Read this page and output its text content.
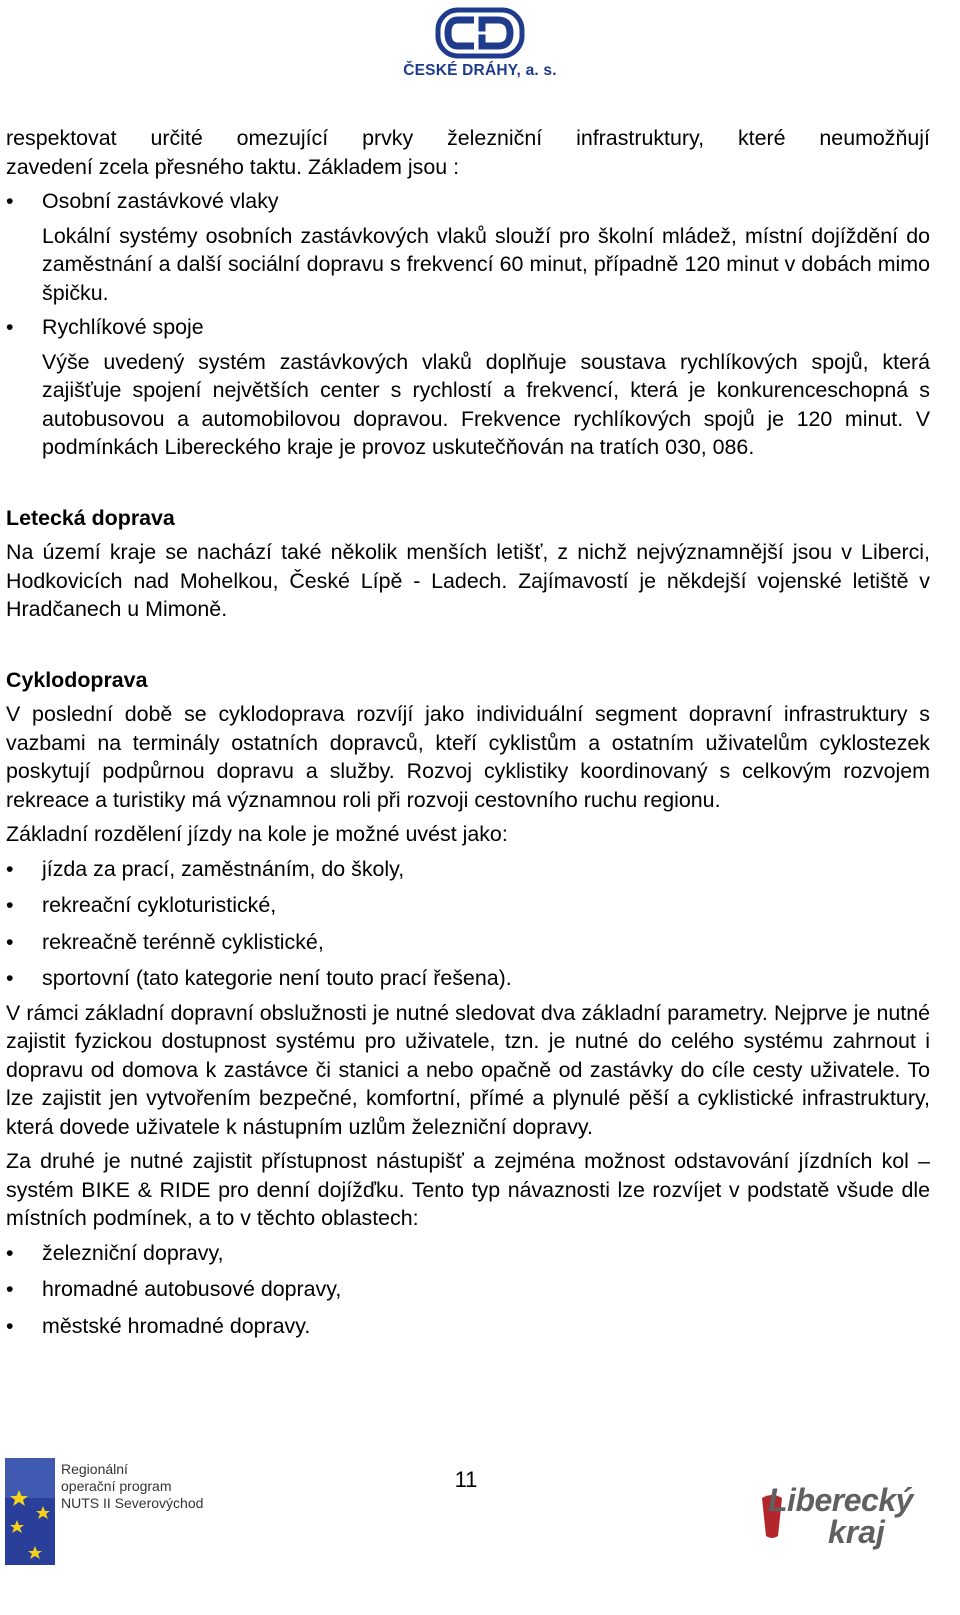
ČESKÉ DRÁHY, a. s.

respektovat určité omezující prvky železniční infrastruktury, které neumožňují

zavedení zcela přesného taktu. Základem jsou :

•	Osobní zastávkové vlaky

Lokální systémy osobních zastávkových vlaků slouží pro školní mládež, místní dojíždění do zaměstnání a další sociální dopravu s frekvencí 60 minut, případně 120 minut v dobách mimo špičku.

•	Rychlíkové spoje

Výše uvedený systém zastávkových vlaků doplňuje soustava rychlíkových spojů, která zajišťuje spojení největších center s rychlostí a frekvencí, která je konkurenceschopná s autobusovou a automobilovou dopravou. Frekvence rychlíkových spojů je 120 minut. V podmínkách Libereckého kraje je provoz uskutečňován na tratích 030, 086.

Letecká doprava

Na území kraje se nachází také několik menších letišť, z nichž nejvýznamnější jsou v Liberci, Hodkovicích nad Mohelkou, České Lípě - Ladech. Zajímavostí je někdejší vojenské letiště v Hradčanech u Mimoně.

Cyklodoprava

V poslední době se cyklodoprava rozvíjí jako individuální segment dopravní infrastruktury s vazbami na terminály ostatních dopravců, kteří cyklistům a ostatním uživatelům cyklostezek poskytují podpůrnou dopravu a služby. Rozvoj cyklistiky koordinovaný s celkovým rozvojem rekreace a turistiky má významnou roli při rozvoji cestovního ruchu regionu.

Základní rozdělení jízdy na kole je možné uvést jako:

•	jízda za prací, zaměstnáním, do školy,
•	rekreační cykloturistické,
•	rekreačně terénně cyklistické,
•	sportovní (tato kategorie není touto prací řešena).

V rámci základní dopravní obslužnosti je nutné sledovat dva základní parametry. Nejprve je nutné zajistit fyzickou dostupnost systému pro uživatele, tzn. je nutné do celého systému zahrnout i dopravu od domova k zastávce či stanici a nebo opačně od zastávky do cíle cesty uživatele. To lze zajistit jen vytvořením bezpečné, komfortní, přímé a plynulé pěší a cyklistické infrastruktury, která dovede uživatele k nástupním uzlům železniční dopravy.

Za druhé je nutné zajistit přístupnost nástupišť a zejména možnost odstavování jízdních kol – systém BIKE & RIDE pro denní dojížďku. Tento typ návaznosti lze rozvíjet v podstatě všude dle místních podmínek, a to v těchto oblastech:

•	železniční dopravy,
•	hromadné autobusové dopravy,
•	městské hromadné dopravy.
Regionální
operační program
NUTS II Severovýchod
11
Liberecký
kraj
